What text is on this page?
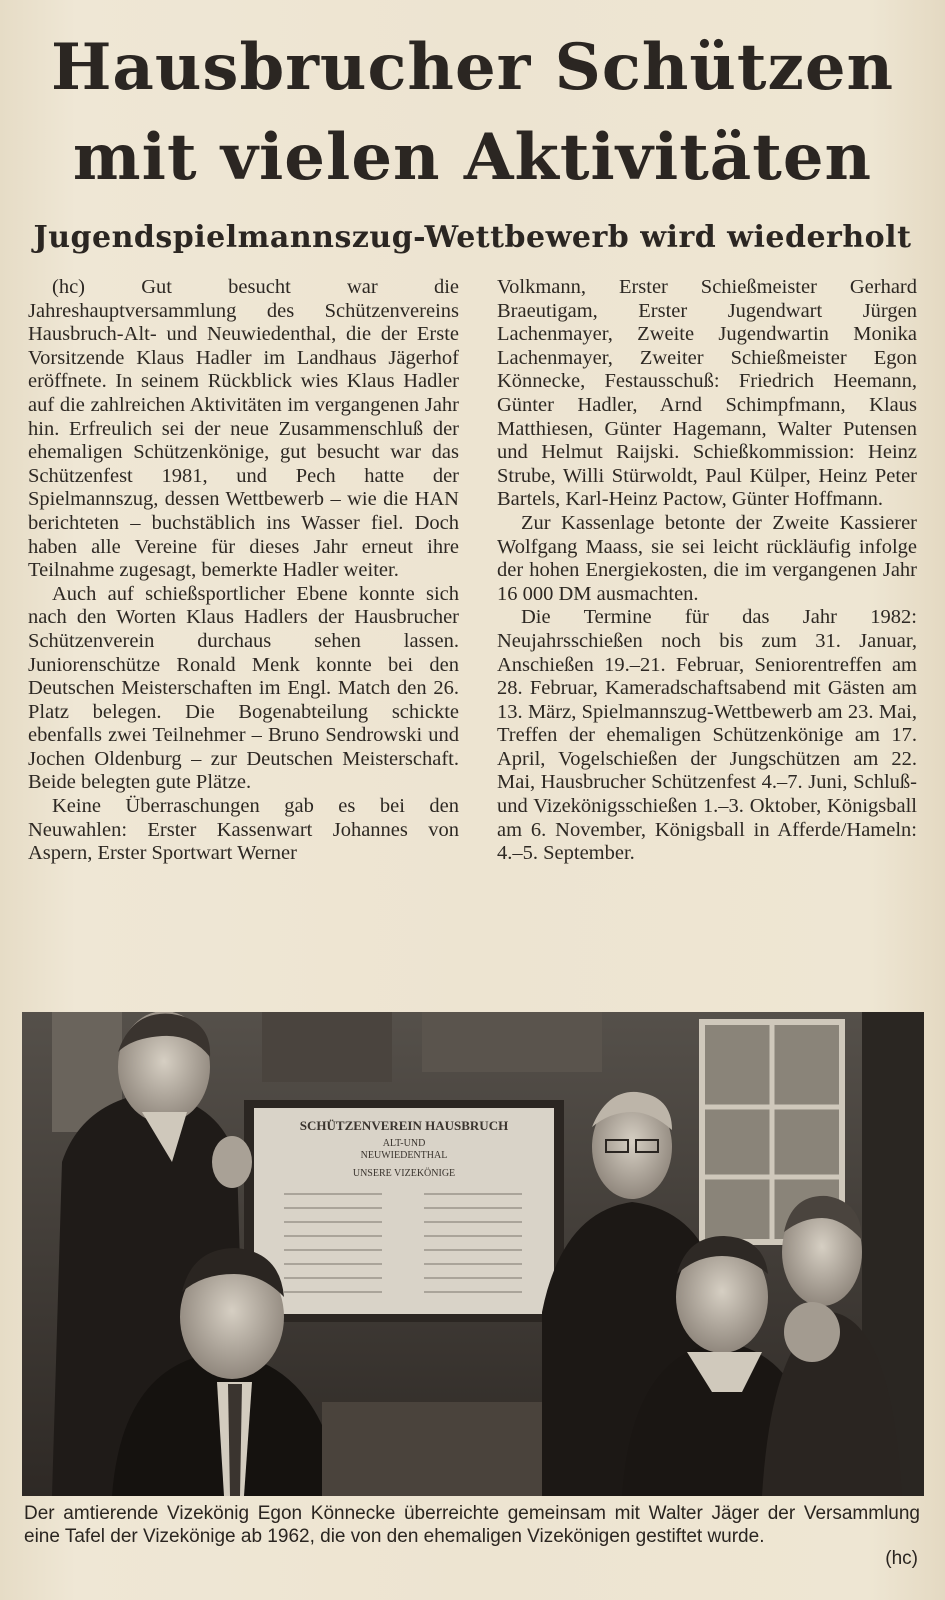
Hausbrucher Schützen
mit vielen Aktivitäten
Jugendspielmannszug-Wettbewerb wird wiederholt

(hc) Gut besucht war die Jahreshauptversammlung des Schützenvereins Hausbruch-Alt- und Neuwiedenthal, die der Erste Vorsitzende Klaus Hadler im Landhaus Jägerhof eröffnete. In seinem Rückblick wies Klaus Hadler auf die zahlreichen Aktivitäten im vergangenen Jahr hin. Erfreulich sei der neue Zusammenschluß der ehemaligen Schützenkönige, gut besucht war das Schützenfest 1981, und Pech hatte der Spielmannszug, dessen Wettbewerb – wie die HAN berichteten – buchstäblich ins Wasser fiel. Doch haben alle Vereine für dieses Jahr erneut ihre Teilnahme zugesagt, bemerkte Hadler weiter.

Auch auf schießsportlicher Ebene konnte sich nach den Worten Klaus Hadlers der Hausbrucher Schützenverein durchaus sehen lassen. Juniorenschütze Ronald Menk konnte bei den Deutschen Meisterschaften im Engl. Match den 26. Platz belegen. Die Bogenabteilung schickte ebenfalls zwei Teilnehmer – Bruno Sendrowski und Jochen Oldenburg – zur Deutschen Meisterschaft. Beide belegten gute Plätze.

Keine Überraschungen gab es bei den Neuwahlen: Erster Kassenwart Johannes von Aspern, Erster Sportwart Werner

Volkmann, Erster Schießmeister Gerhard Braeutigam, Erster Jugendwart Jürgen Lachenmayer, Zweite Jugendwartin Monika Lachenmayer, Zweiter Schießmeister Egon Könnecke, Festausschuß: Friedrich Heemann, Günter Hadler, Arnd Schimpfmann, Klaus Matthiesen, Günter Hagemann, Walter Putensen und Helmut Raijski. Schießkommission: Heinz Strube, Willi Stürwoldt, Paul Külper, Heinz Peter Bartels, Karl-Heinz Pactow, Günter Hoffmann.

Zur Kassenlage betonte der Zweite Kassierer Wolfgang Maass, sie sei leicht rückläufig infolge der hohen Energiekosten, die im vergangenen Jahr 16 000 DM ausmachten.

Die Termine für das Jahr 1982: Neujahrsschießen noch bis zum 31. Januar, Anschießen 19.–21. Februar, Seniorentreffen am 28. Februar, Kameradschaftsabend mit Gästen am 13. März, Spielmannszug-Wettbewerb am 23. Mai, Treffen der ehemaligen Schützenkönige am 17. April, Vogelschießen der Jungschützen am 22. Mai, Hausbrucher Schützenfest 4.–7. Juni, Schluß- und Vizekönigsschießen 1.–3. Oktober, Königsball am 6. November, Königsball in Afferde/Hameln: 4.–5. September.

SCHÜTZENVEREIN HAUSBRUCH
ALT-UND
NEUWIEDENTHAL
UNSERE VIZEKÖNIGE
Der amtierende Vizekönig Egon Könnecke überreichte gemeinsam mit Walter Jäger der Versammlung eine Tafel der Vizekönige ab 1962, die von den ehemaligen Vizekönigen gestiftet wurde.
(hc)
